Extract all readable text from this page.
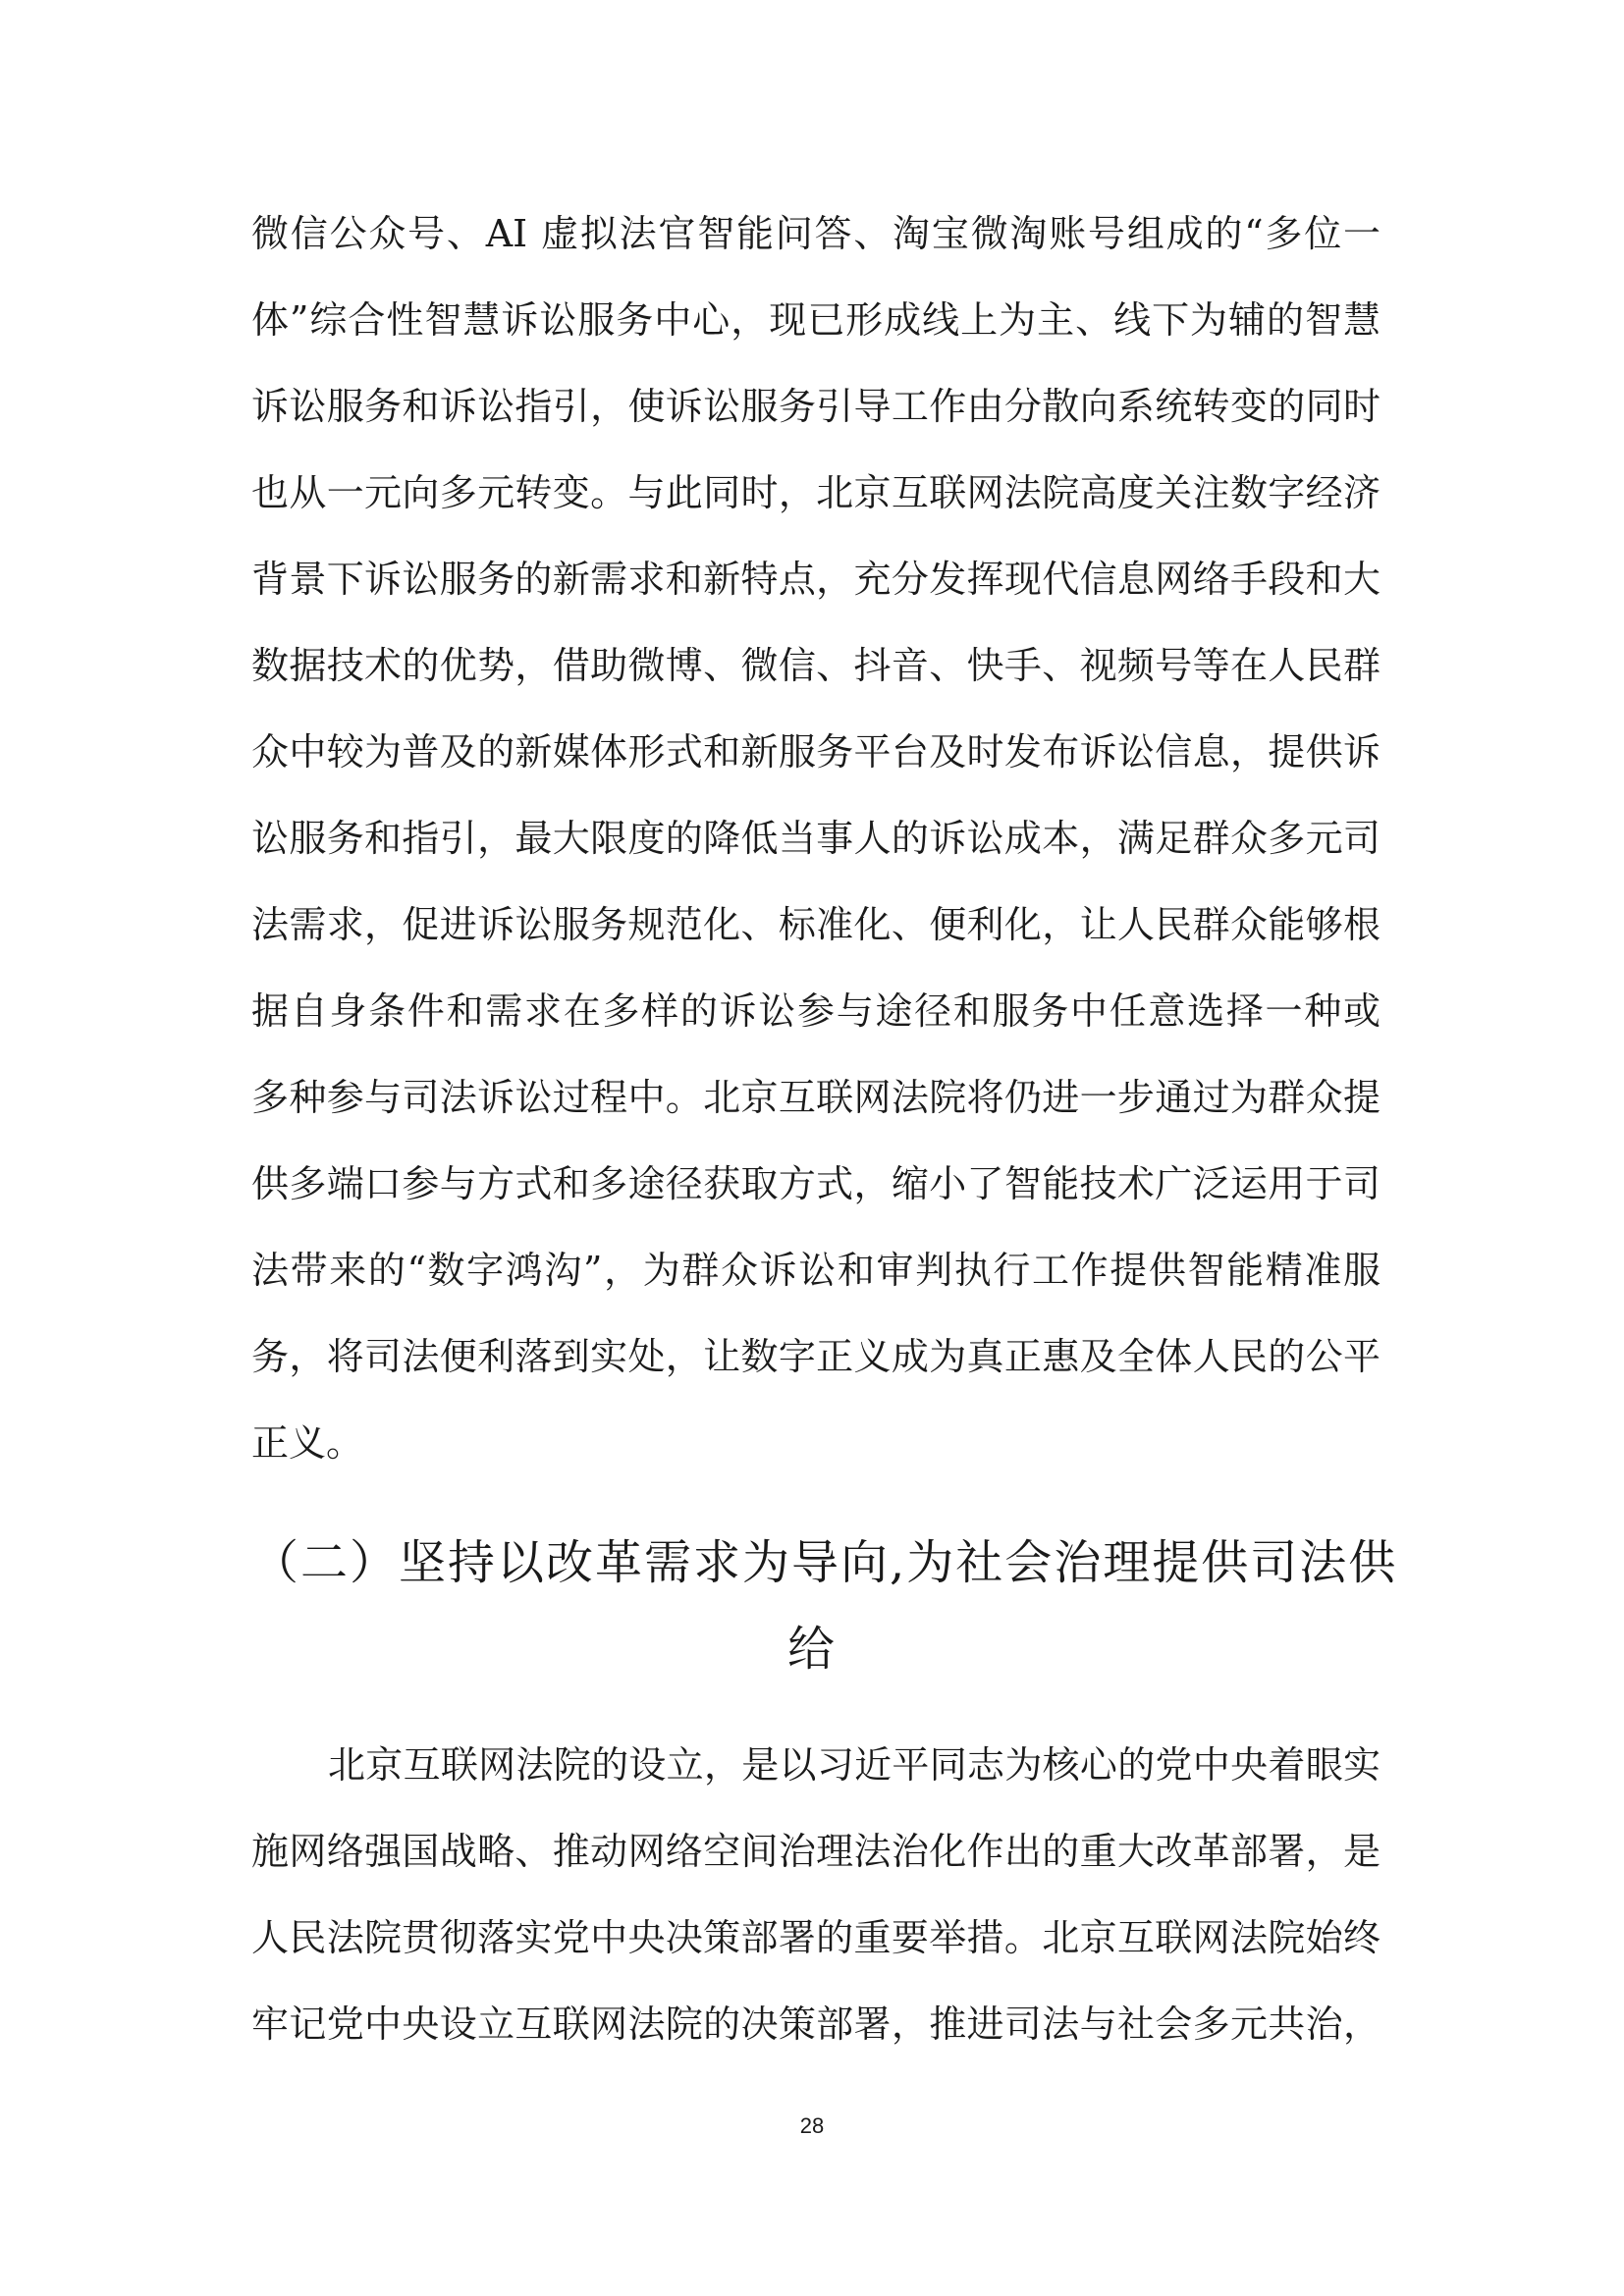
微信公众号、AI 虚拟法官智能问答、淘宝微淘账号组成的“多位一
体”综合性智慧诉讼服务中心，现已形成线上为主、线下为辅的智慧
诉讼服务和诉讼指引，使诉讼服务引导工作由分散向系统转变的同时
也从一元向多元转变。与此同时，北京互联网法院高度关注数字经济
背景下诉讼服务的新需求和新特点，充分发挥现代信息网络手段和大
数据技术的优势，借助微博、微信、抖音、快手、视频号等在人民群
众中较为普及的新媒体形式和新服务平台及时发布诉讼信息，提供诉
讼服务和指引，最大限度的降低当事人的诉讼成本，满足群众多元司
法需求，促进诉讼服务规范化、标准化、便利化，让人民群众能够根
据自身条件和需求在多样的诉讼参与途径和服务中任意选择一种或
多种参与司法诉讼过程中。北京互联网法院将仍进一步通过为群众提
供多端口参与方式和多途径获取方式，缩小了智能技术广泛运用于司
法带来的“数字鸿沟”，为群众诉讼和审判执行工作提供智能精准服
务，将司法便利落到实处，让数字正义成为真正惠及全体人民的公平
正义。
（二）坚持以改革需求为导向,为社会治理提供司法供
给
北京互联网法院的设立，是以习近平同志为核心的党中央着眼实
施网络强国战略、推动网络空间治理法治化作出的重大改革部署，是
人民法院贯彻落实党中央决策部署的重要举措。北京互联网法院始终
牢记党中央设立互联网法院的决策部署，推进司法与社会多元共治，
28
